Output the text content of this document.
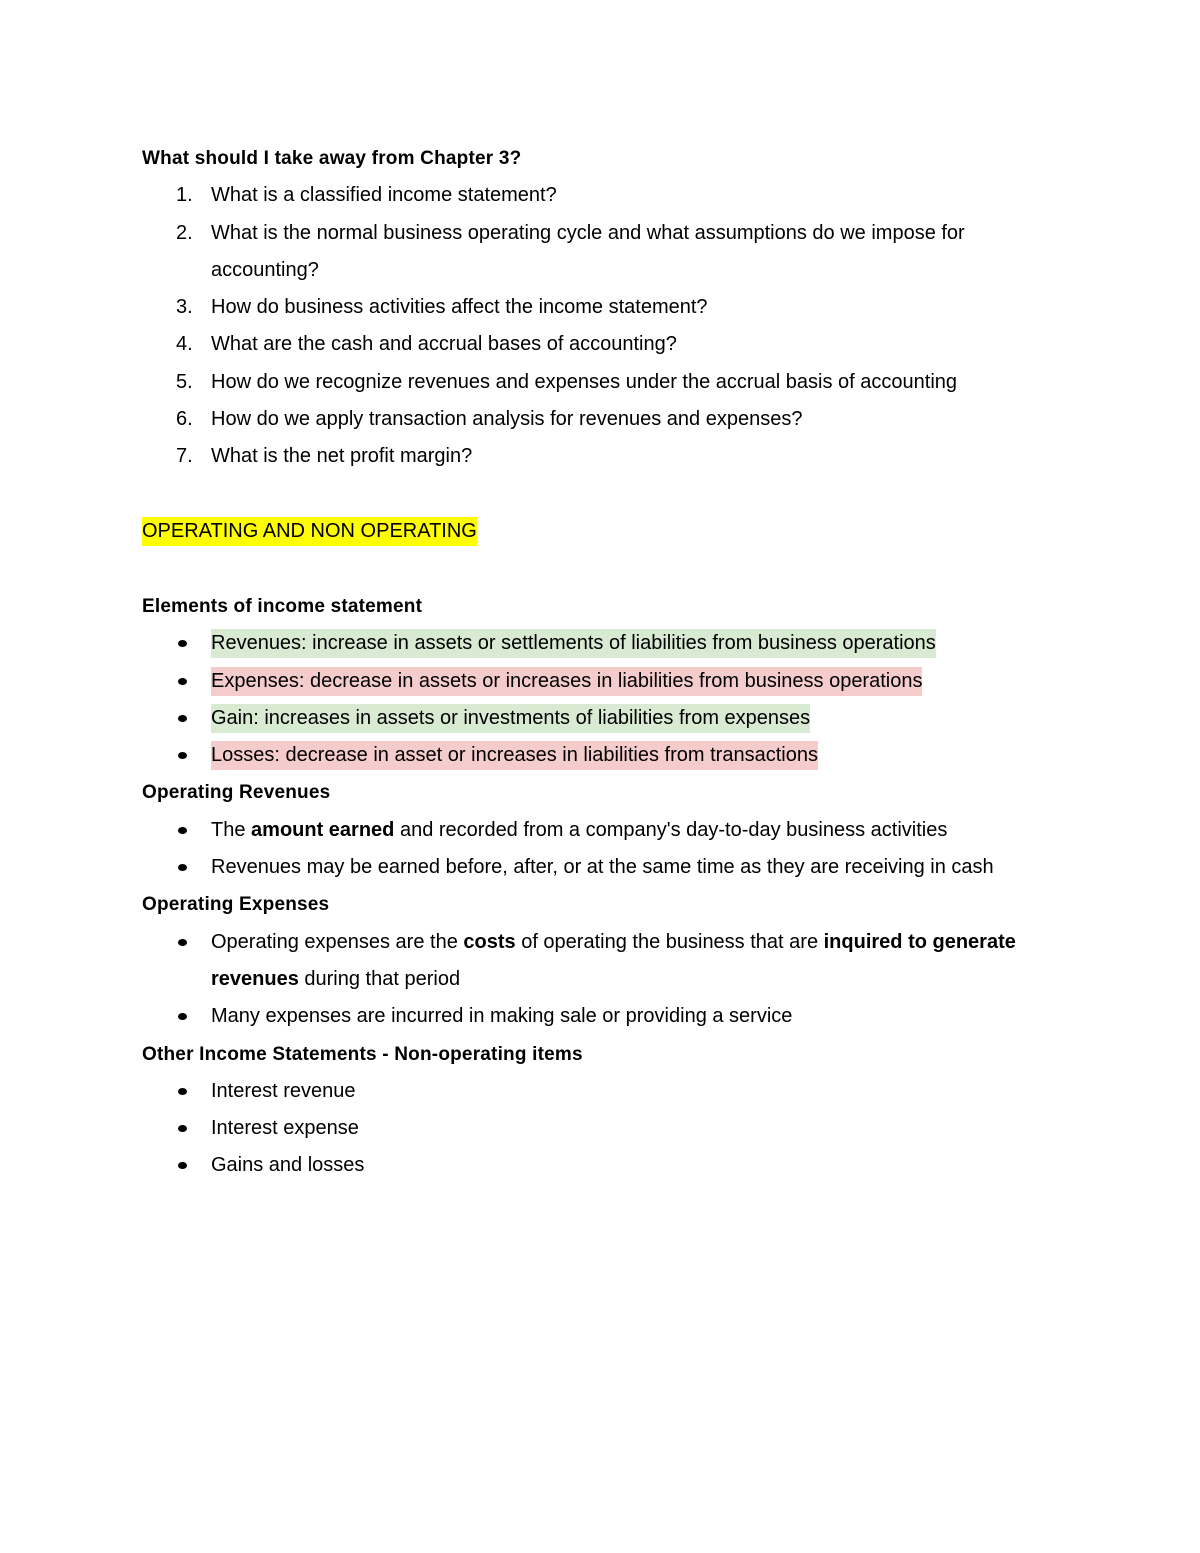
What should I take away from Chapter 3?
1. What is a classified income statement?
2. What is the normal business operating cycle and what assumptions do we impose for accounting?
3. How do business activities affect the income statement?
4. What are the cash and accrual bases of accounting?
5. How do we recognize revenues and expenses under the accrual basis of accounting
6. How do we apply transaction analysis for revenues and expenses?
7. What is the net profit margin?
OPERATING AND NON OPERATING
Elements of income statement
Revenues: increase in assets or settlements of liabilities from business operations
Expenses: decrease in assets or increases in liabilities from business operations
Gain: increases in assets or investments of liabilities from expenses
Losses: decrease in asset or increases in liabilities from transactions
Operating Revenues
The amount earned and recorded from a company's day-to-day business activities
Revenues may be earned before, after, or at the same time as they are receiving in cash
Operating Expenses
Operating expenses are the costs of operating the business that are inquired to generate revenues during that period
Many expenses are incurred in making sale or providing a service
Other Income Statements - Non-operating items
Interest revenue
Interest expense
Gains and losses
